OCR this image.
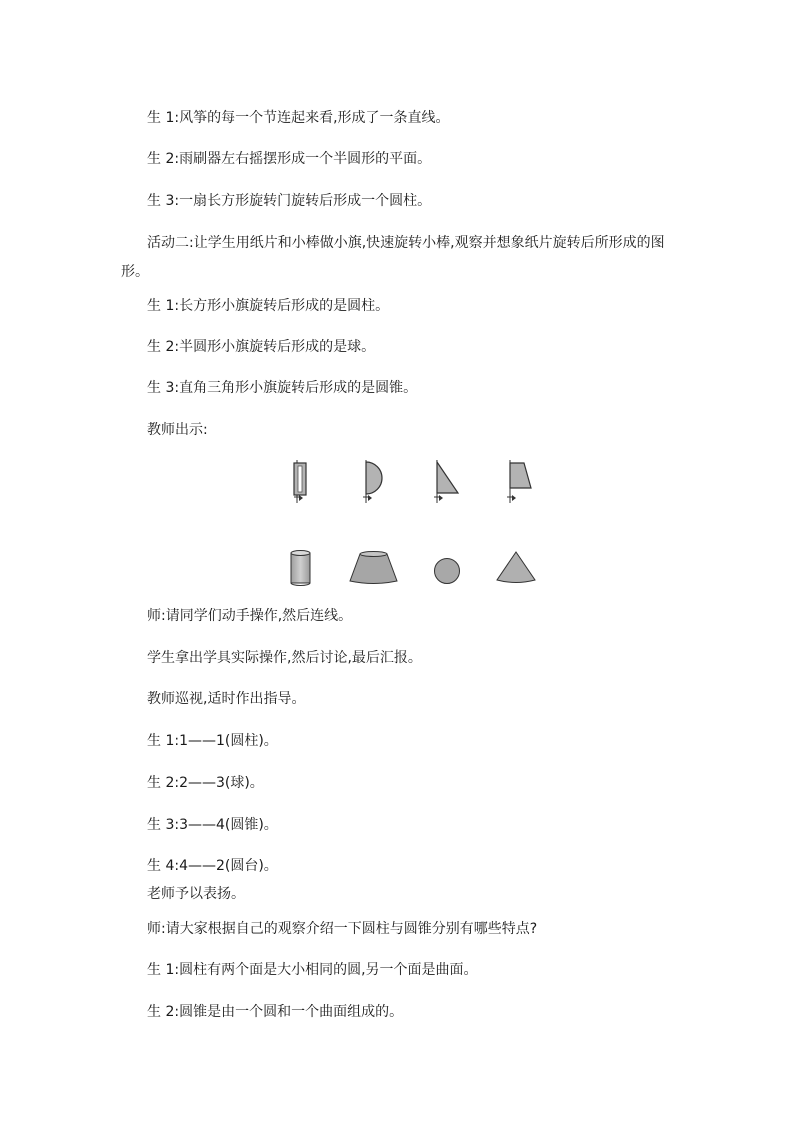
生 1:风筝的每一个节连起来看,形成了一条直线。
生 2:雨刷器左右摇摆形成一个半圆形的平面。
生 3:一扇长方形旋转门旋转后形成一个圆柱。
活动二:让学生用纸片和小棒做小旗,快速旋转小棒,观察并想象纸片旋转后所形成的图
形。
生 1:长方形小旗旋转后形成的是圆柱。
生 2:半圆形小旗旋转后形成的是球。
生 3:直角三角形小旗旋转后形成的是圆锥。
教师出示:
师:请同学们动手操作,然后连线。
学生拿出学具实际操作,然后讨论,最后汇报。
教师巡视,适时作出指导。
生 1:1——1(圆柱)。
生 2:2——3(球)。
生 3:3——4(圆锥)。
生 4:4——2(圆台)。
老师予以表扬。
师:请大家根据自己的观察介绍一下圆柱与圆锥分别有哪些特点?
生 1:圆柱有两个面是大小相同的圆,另一个面是曲面。
生 2:圆锥是由一个圆和一个曲面组成的。
